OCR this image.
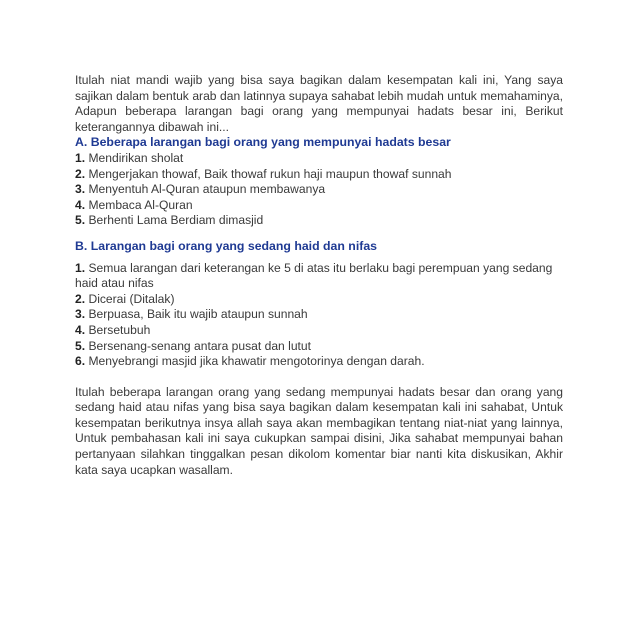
Itulah niat mandi wajib yang bisa saya bagikan dalam kesempatan kali ini, Yang saya sajikan dalam bentuk arab dan latinnya supaya sahabat lebih mudah untuk memahaminya, Adapun beberapa larangan bagi orang yang mempunyai hadats besar ini, Berikut keterangannya dibawah ini...

A. Beberapa larangan bagi orang yang mempunyai hadats besar
1. Mendirikan sholat
2. Mengerjakan thowaf, Baik thowaf rukun haji maupun thowaf sunnah
3. Menyentuh Al-Quran ataupun membawanya
4. Membaca Al-Quran
5. Berhenti Lama Berdiam dimasjid
B. Larangan bagi orang yang sedang haid dan nifas
1. Semua larangan dari keterangan ke 5 di atas itu berlaku bagi perempuan yang sedang haid atau nifas
2. Dicerai (Ditalak)
3. Berpuasa, Baik itu wajib ataupun sunnah
4. Bersetubuh
5. Bersenang-senang antara pusat dan lutut
6. Menyebrangi masjid jika khawatir mengotorinya dengan darah.

Itulah beberapa larangan orang yang sedang mempunyai hadats besar dan orang yang sedang haid atau nifas yang bisa saya bagikan dalam kesempatan kali ini sahabat, Untuk kesempatan berikutnya insya allah saya akan membagikan tentang niat-niat yang lainnya, Untuk pembahasan kali ini saya cukupkan sampai disini, Jika sahabat mempunyai bahan pertanyaan silahkan tinggalkan pesan dikolom komentar biar nanti kita diskusikan, Akhir kata saya ucapkan wasallam.
